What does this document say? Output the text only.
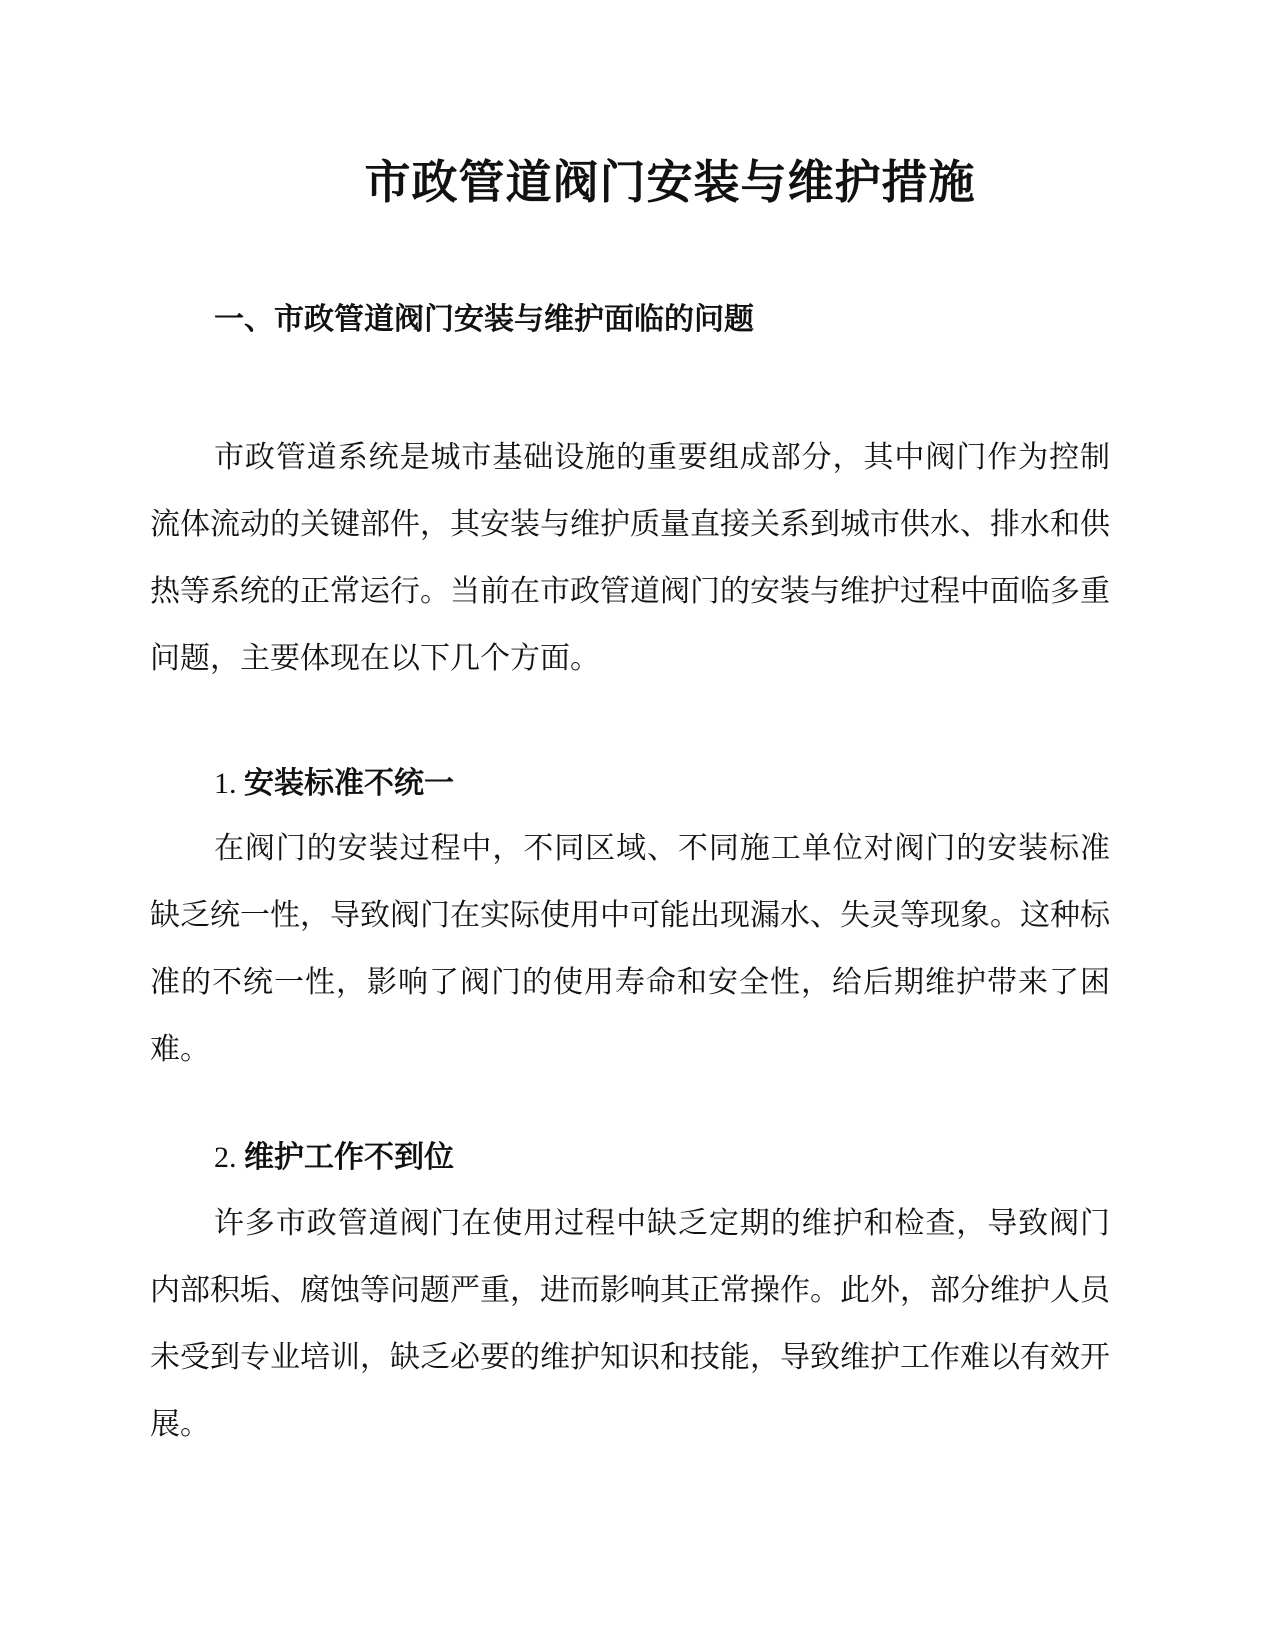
市政管道阀门安装与维护措施
一、市政管道阀门安装与维护面临的问题

市政管道系统是城市基础设施的重要组成部分，其中阀门作为控制流体流动的关键部件，其安装与维护质量直接关系到城市供水、排水和供热等系统的正常运行。当前在市政管道阀门的安装与维护过程中面临多重问题，主要体现在以下几个方面。

1. 安装标准不统一

在阀门的安装过程中，不同区域、不同施工单位对阀门的安装标准缺乏统一性，导致阀门在实际使用中可能出现漏水、失灵等现象。这种标准的不统一性，影响了阀门的使用寿命和安全性，给后期维护带来了困难。

2. 维护工作不到位

许多市政管道阀门在使用过程中缺乏定期的维护和检查，导致阀门内部积垢、腐蚀等问题严重，进而影响其正常操作。此外，部分维护人员未受到专业培训，缺乏必要的维护知识和技能，导致维护工作难以有效开展。
